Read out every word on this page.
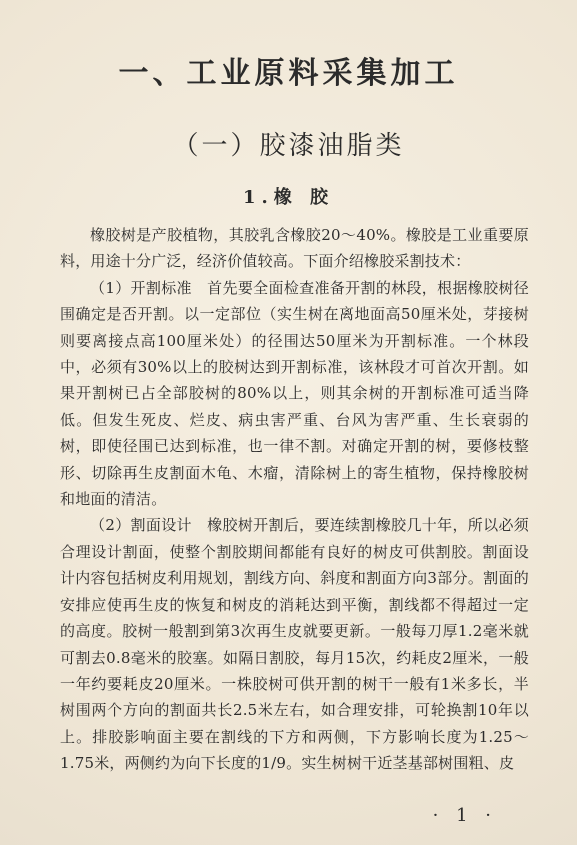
一、工业原料采集加工
（一）胶漆油脂类
1.橡 胶

橡胶树是产胶植物，其胶乳含橡胶20～40%。橡胶是工业重要原料，用途十分广泛，经济价值较高。下面介绍橡胶采割技术：

（1）开割标准　首先要全面检查准备开割的林段，根据橡胶树径围确定是否开割。以一定部位（实生树在离地面高50厘米处，芽接树则要离接点高100厘米处）的径围达50厘米为开割标准。一个林段中，必须有30%以上的胶树达到开割标准，该林段才可首次开割。如果开割树已占全部胶树的80%以上，则其余树的开割标准可适当降低。但发生死皮、烂皮、病虫害严重、台风为害严重、生长衰弱的树，即使径围已达到标准，也一律不割。对确定开割的树，要修枝整形、切除再生皮割面木龟、木瘤，清除树上的寄生植物，保持橡胶树和地面的清洁。

（2）割面设计　橡胶树开割后，要连续割橡胶几十年，所以必须合理设计割面，使整个割胶期间都能有良好的树皮可供割胶。割面设计内容包括树皮利用规划，割线方向、斜度和割面方向3部分。割面的安排应使再生皮的恢复和树皮的消耗达到平衡，割线都不得超过一定的高度。胶树一般割到第3次再生皮就要更新。一般每刀厚1.2毫米就可割去0.8毫米的胶塞。如隔日割胶，每月15次，约耗皮2厘米，一般一年约要耗皮20厘米。一株胶树可供开割的树干一般有1米多长，半树围两个方向的割面共长2.5米左右，如合理安排，可轮换割10年以上。排胶影响面主要在割线的下方和两侧，下方影响长度为1.25～1.75米，两侧约为向下长度的1/9。实生树树干近茎基部树围粗、皮

· 1 ·
